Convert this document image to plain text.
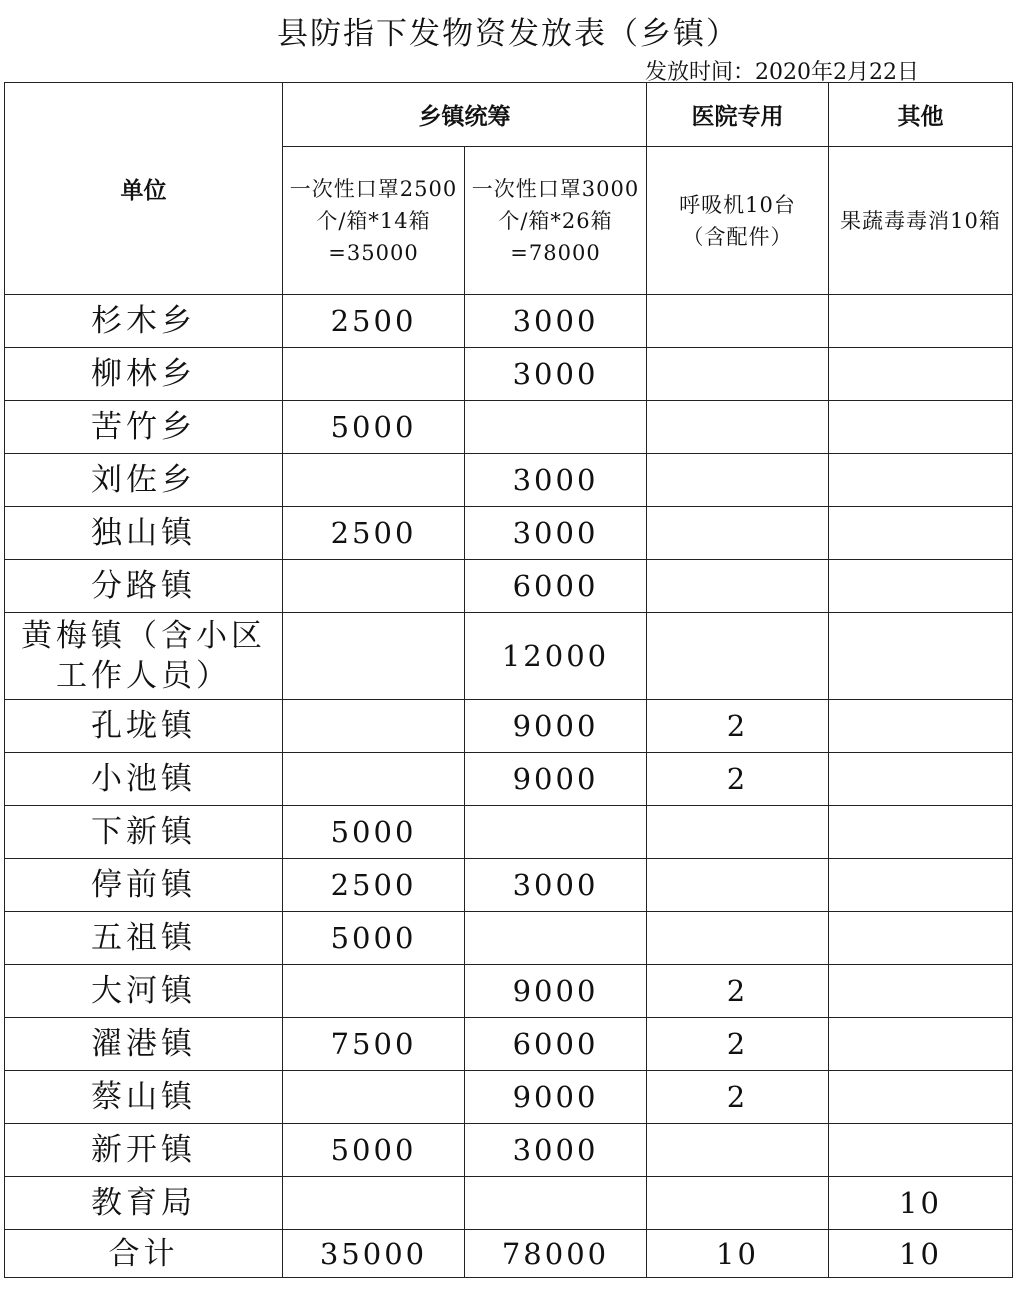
县防指下发物资发放表（乡镇）
发放时间：2020年2月22日
单位	乡镇统筹		医院专用	其他

	一次性口罩2500个/箱*14箱=35000	一次性口罩3000个/箱*26箱=78000	呼吸机10台（含配件）	果蔬毒毒消10箱

杉木乡	2500	3000		
柳林乡		3000		
苦竹乡	5000			
刘佐乡		3000		
独山镇	2500	3000		
分路镇		6000		
黄梅镇（含小区工作人员）		12000		
孔垅镇		9000	2	
小池镇		9000	2	
下新镇	5000			
停前镇	2500	3000		
五祖镇	5000			
大河镇		9000	2	
濯港镇	7500	6000	2	
蔡山镇		9000	2	
新开镇	5000	3000		
教育局				10
合计	35000	78000	10	10
